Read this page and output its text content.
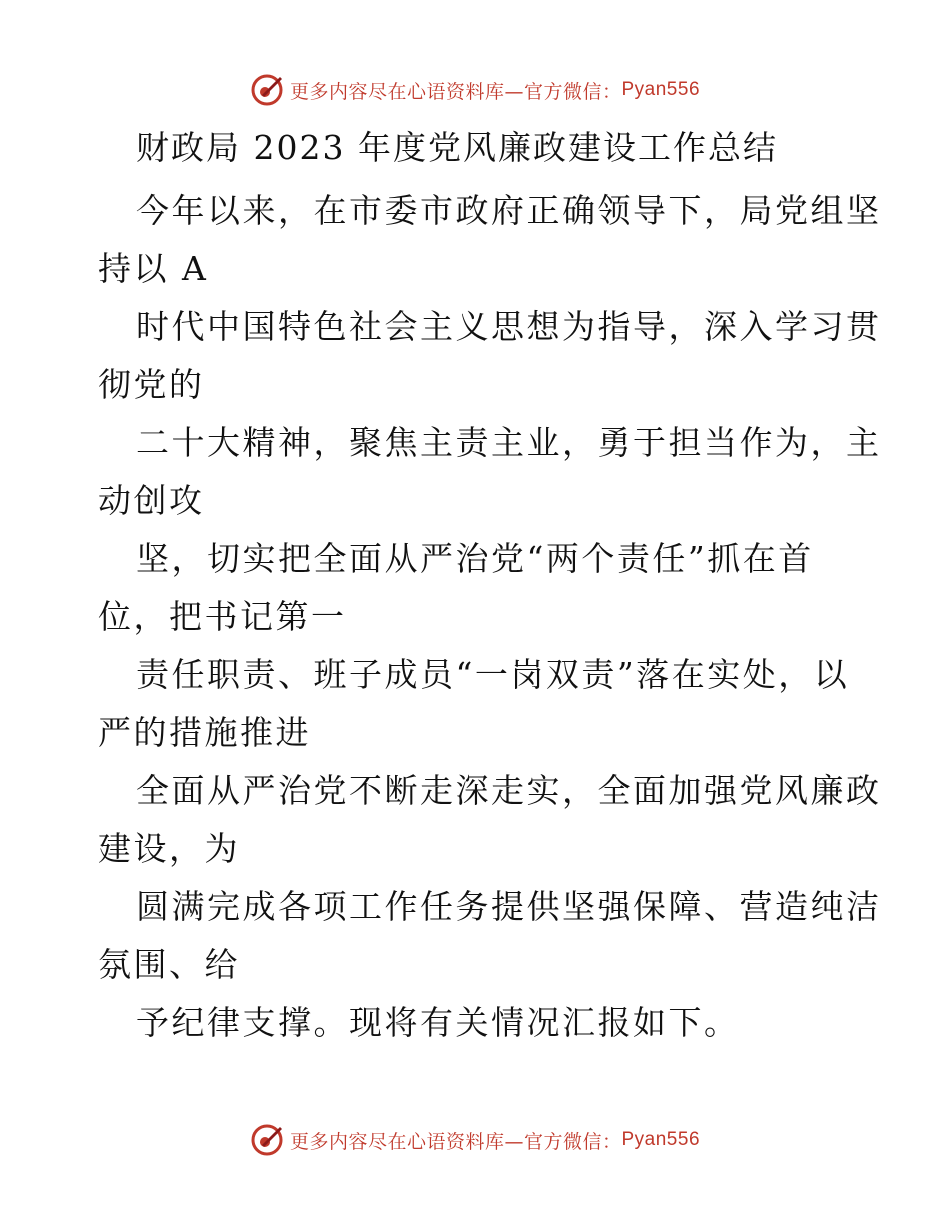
更多内容尽在心语资料库—官方微信： Pyan556
财政局 2023 年度党风廉政建设工作总结

今年以来，在市委市政府正确领导下，局党组坚
持以 A

时代中国特色社会主义思想为指导，深入学习贯
彻党的

二十大精神，聚焦主责主业，勇于担当作为，主
动创攻

坚，切实把全面从严治党“两个责任”抓在首
位，把书记第一

责任职责、班子成员“一岗双责”落在实处，以
严的措施推进

全面从严治党不断走深走实，全面加强党风廉政
建设，为

圆满完成各项工作任务提供坚强保障、营造纯洁
氛围、给

予纪律支撑。现将有关情况汇报如下。

更多内容尽在心语资料库—官方微信： Pyan556
